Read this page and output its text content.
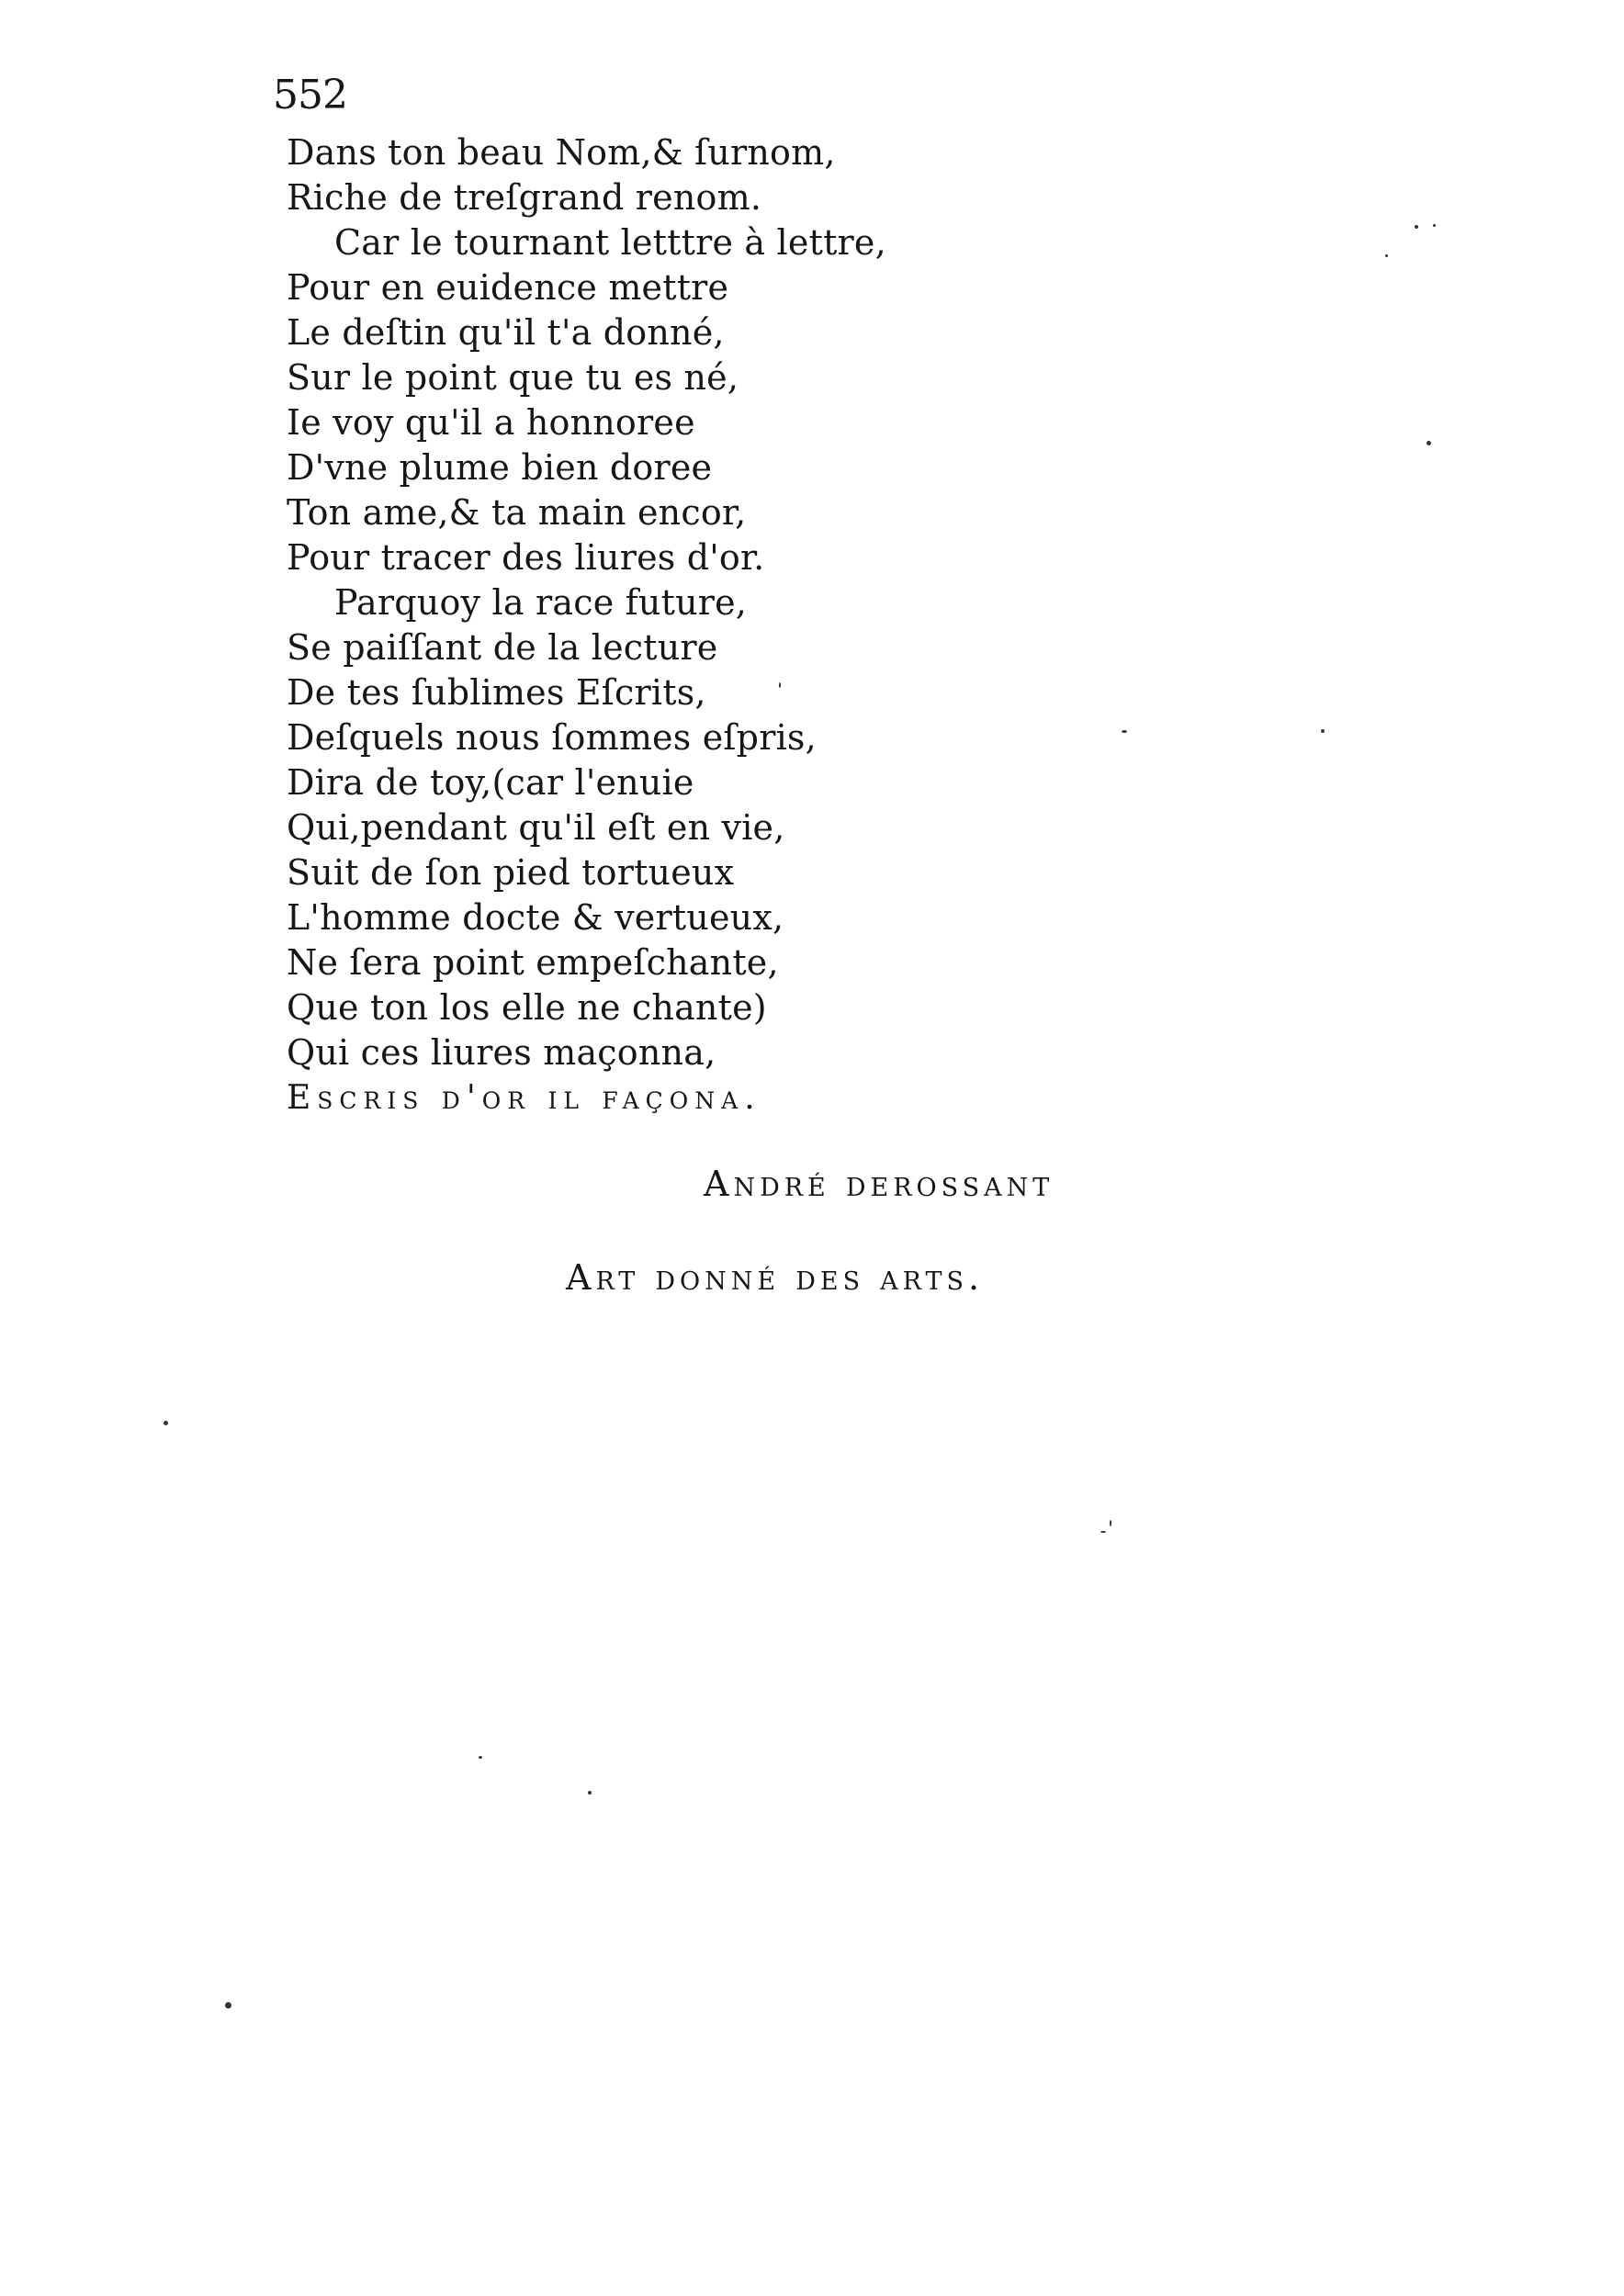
552
Dans ton beau Nom,& ſurnom,
Riche de treſgrand renom.
Car le tournant letttre à lettre,
Pour en euidence mettre
Le deſtin qu'il t'a donné,
Sur le point que tu es né,
Ie voy qu'il a honnoree
D'vne plume bien doree
Ton ame,& ta main encor,
Pour tracer des liures d'or.
Parquoy la race future,
Se paiſſant de la lecture
De tes ſublimes Eſcrits,
Deſquels nous ſommes eſpris,
Dira de toy,(car l'enuie
Qui,pendant qu'il eſt en vie,
Suit de ſon pied tortueux
L'homme docte & vertueux,
Ne ſera point empeſchante,
Que ton los elle ne chante)
Qui ces liures maçonna,
Escris d'or il façona.
André derossant
Art donné des arts.
